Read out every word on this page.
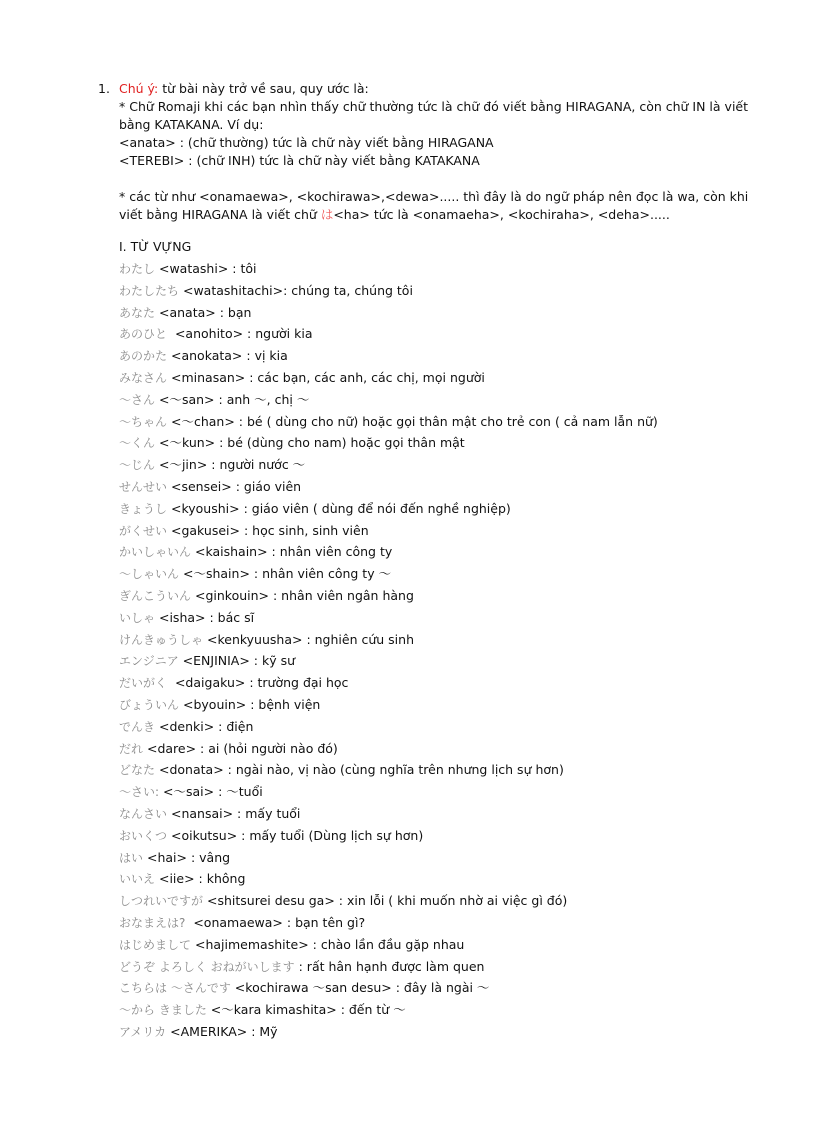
1. Chú ý: từ bài này trở về sau, quy ước là:

* Chữ Romaji khi các bạn nhìn thấy chữ thường tức là chữ đó viết bằng HIRAGANA, còn chữ IN là viết bằng KATAKANA. Ví dụ:

<anata> : (chữ thường) tức là chữ này viết bằng HIRAGANA

<TEREBI> : (chữ INH) tức là chữ này viết bằng KATAKANA

* các từ như <onamaewa>, <kochirawa>,<dewa>..... thì đây là do ngữ pháp nên đọc là wa, còn khi viết bằng HIRAGANA là viết chữ は<ha> tức là <onamaeha>, <kochiraha>, <deha>.....

I. TỪ VỰNG
わたし <watashi> : tôi
わたしたち <watashitachi>: chúng ta, chúng tôi
あなた <anata> : bạn
あのひと  <anohito> : người kia
あのかた <anokata> : vị kia
みなさん <minasan> : các bạn, các anh, các chị, mọi người
～さん <～san> : anh ～, chị ～
～ちゃん <～chan> : bé ( dùng cho nữ) hoặc gọi thân mật cho trẻ con ( cả nam lẫn nữ)
～くん <～kun> : bé (dùng cho nam) hoặc gọi thân mật
～じん <～jin> : người nước ～
せんせい <sensei> : giáo viên
きょうし <kyoushi> : giáo viên ( dùng để nói đến nghề nghiệp)
がくせい <gakusei> : học sinh, sinh viên
かいしゃいん <kaishain> : nhân viên công ty
～しゃいん <～shain> : nhân viên công ty ～
ぎんこういん <ginkouin> : nhân viên ngân hàng
いしゃ <isha> : bác sĩ
けんきゅうしゃ <kenkyuusha> : nghiên cứu sinh
エンジニア <ENJINIA> : kỹ sư
だいがく  <daigaku> : trường đại học
びょういん <byouin> : bệnh viện
でんき <denki> : điện
だれ <dare> : ai (hỏi người nào đó)
どなた <donata> : ngài nào, vị nào (cùng nghĩa trên nhưng lịch sự hơn)
～さい: <～sai> : ～tuổi
なんさい <nansai> : mấy tuổi
おいくつ <oikutsu> : mấy tuổi (Dùng lịch sự hơn)
はい <hai> : vâng
いいえ <iie> : không
しつれいですが <shitsurei desu ga> : xin lỗi ( khi muốn nhờ ai việc gì đó)
おなまえは?  <onamaewa> : bạn tên gì?
はじめまして <hajimemashite> : chào lần đầu gặp nhau
どうぞ よろしく おねがいします : rất hân hạnh được làm quen
こちらは ～さんです <kochirawa ～san desu> : đây là ngài ～
～から きました <～kara kimashita> : đến từ ～
アメリカ <AMERIKA> : Mỹ
